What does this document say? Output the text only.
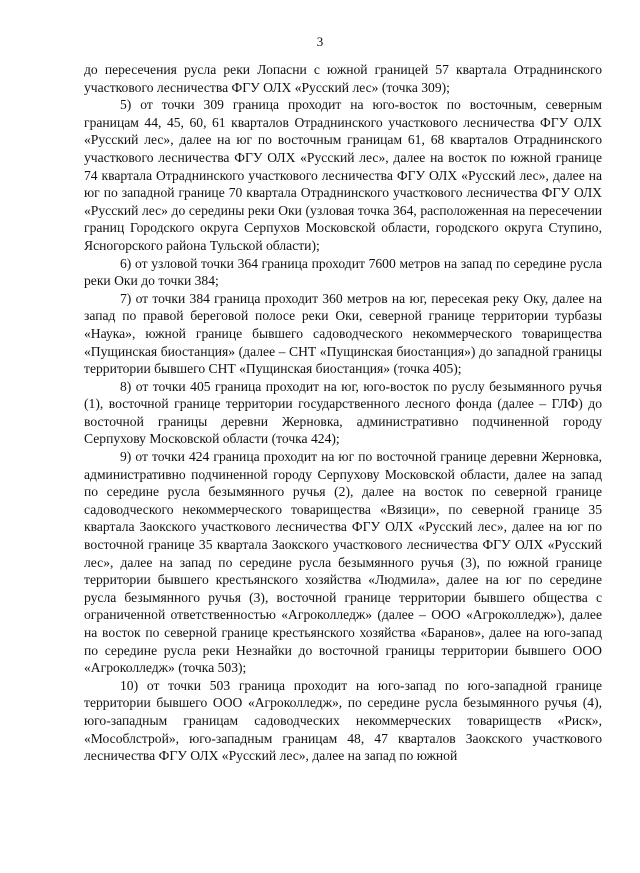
3

до пересечения русла реки Лопасни с южной границей 57 квартала Отраднинского участкового лесничества ФГУ ОЛХ «Русский лес» (точка 309);

5) от точки 309 граница проходит на юго-восток по восточным, северным границам 44, 45, 60, 61 кварталов Отраднинского участкового лесничества ФГУ ОЛХ «Русский лес», далее на юг по восточным границам 61, 68 кварталов Отраднинского участкового лесничества ФГУ ОЛХ «Русский лес», далее на восток по южной границе 74 квартала Отраднинского участкового лесничества ФГУ ОЛХ «Русский лес», далее на юг по западной границе 70 квартала Отраднинского участкового лесничества ФГУ ОЛХ «Русский лес» до середины реки Оки (узловая точка 364, расположенная на пересечении границ Городского округа Серпухов Московской области, городского округа Ступино, Ясногорского района Тульской области);

6) от узловой точки 364 граница проходит 7600 метров на запад по середине русла реки Оки до точки 384;

7) от точки 384 граница проходит 360 метров на юг, пересекая реку Оку, далее на запад по правой береговой полосе реки Оки, северной границе территории турбазы «Наука», южной границе бывшего садоводческого некоммерческого товарищества «Пущинская биостанция» (далее – СНТ «Пущинская биостанция») до западной границы территории бывшего СНТ «Пущинская биостанция» (точка 405);

8) от точки 405 граница проходит на юг, юго-восток по руслу безымянного ручья (1), восточной границе территории государственного лесного фонда (далее – ГЛФ) до восточной границы деревни Жерновка, административно подчиненной городу Серпухову Московской области (точка 424);

9) от точки 424 граница проходит на юг по восточной границе деревни Жерновка, административно подчиненной городу Серпухову Московской области, далее на запад по середине русла безымянного ручья (2), далее на восток по северной границе садоводческого некоммерческого товарищества «Вязици», по северной границе 35 квартала Заокского участкового лесничества ФГУ ОЛХ «Русский лес», далее на юг по восточной границе 35 квартала Заокского участкового лесничества ФГУ ОЛХ «Русский лес», далее на запад по середине русла безымянного ручья (3), по южной границе территории бывшего крестьянского хозяйства «Людмила», далее на юг по середине русла безымянного ручья (3), восточной границе территории бывшего общества с ограниченной ответственностью «Агроколледж» (далее – ООО «Агроколледж»), далее на восток по северной границе крестьянского хозяйства «Баранов», далее на юго-запад по середине русла реки Незнайки до восточной границы территории бывшего ООО «Агроколледж» (точка 503);

10) от точки 503 граница проходит на юго-запад по юго-западной границе территории бывшего ООО «Агроколледж», по середине русла безымянного ручья (4), юго-западным границам садоводческих некоммерческих товариществ «Риск», «Мособлстрой», юго-западным границам 48, 47 кварталов Заокского участкового лесничества ФГУ ОЛХ «Русский лес», далее на запад по южной
